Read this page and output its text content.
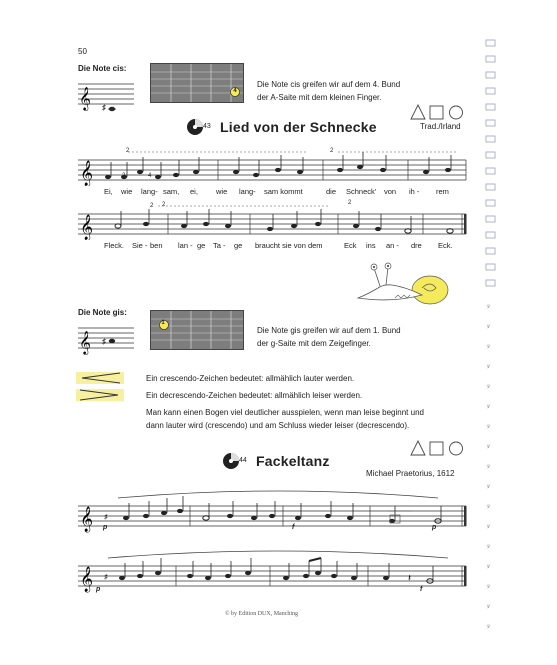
ꝟ
ꝟ
ꝟ
ꝟ
ꝟ
ꝟ
ꝟ
ꝟ
ꝟ
ꝟ
ꝟ
ꝟ
ꝟ
ꝟ
ꝟ
ꝟ
ꝟ
50
Die Note cis:
𝄞 ♯
4
Die Note cis greifen wir auf dem 4. Bund
der A-Saite mit dem kleinen Finger.
43 Lied von der Schnecke	Trad./Irland
𝄞
2	2
2	4
Ei, wie lang- sam, ei, wie lang- sam kommt	die Schneck' von ih - rem
𝄞
2 2	2
Fleck. Sie - ben lan - ge Ta - ge braucht sie von dem	Eck ins an - dre Eck.
Die Note gis:
𝄞 ♯
1
Die Note gis greifen wir auf dem 1. Bund
der g-Saite mit dem Zeigefinger.
Ein crescendo-Zeichen bedeutet: allmählich lauter werden.
Ein decrescendo-Zeichen bedeutet: allmählich leiser werden.
Man kann einen Bogen viel deutlicher ausspielen, wenn man leise beginnt und
dann lauter wird (crescendo) und am Schluss wieder leiser (decrescendo).
44 Fackeltanz
Michael Praetorius, 1612
𝄞 ♯
p	f	p
𝄞 ♯	𝄽
p	f
© by Edition DUX, Manching
